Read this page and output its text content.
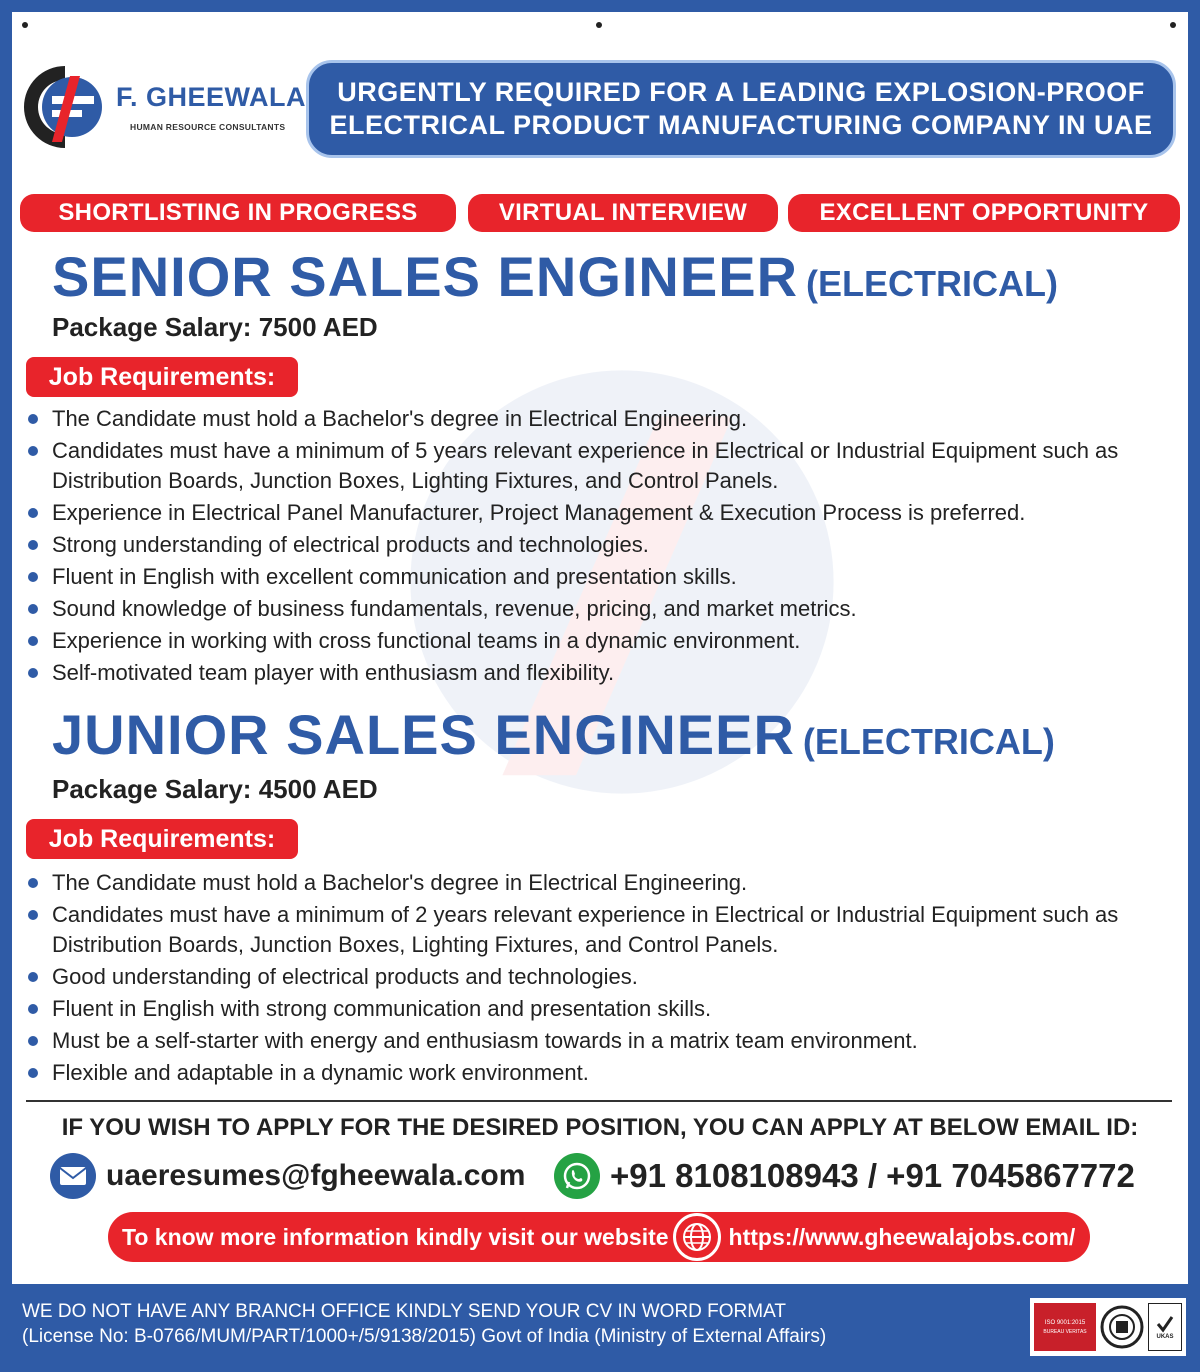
F. GHEEWALA
HUMAN RESOURCE CONSULTANTS
URGENTLY REQUIRED FOR A LEADING EXPLOSION-PROOF
ELECTRICAL PRODUCT MANUFACTURING COMPANY IN UAE
SHORTLISTING IN PROGRESS	VIRTUAL INTERVIEW	EXCELLENT OPPORTUNITY
SENIOR SALES ENGINEER (ELECTRICAL)
Package Salary: 7500 AED
Job Requirements:
The Candidate must hold a Bachelor's degree in Electrical Engineering.
Candidates must have a minimum of 5 years relevant experience in Electrical or Industrial Equipment such as Distribution Boards, Junction Boxes, Lighting Fixtures, and Control Panels.
Experience in Electrical Panel Manufacturer, Project Management & Execution Process is preferred.
Strong understanding of electrical products and technologies.
Fluent in English with excellent communication and presentation skills.
Sound knowledge of business fundamentals, revenue, pricing, and market metrics.
Experience in working with cross functional teams in a dynamic environment.
Self-motivated team player with enthusiasm and flexibility.
JUNIOR SALES ENGINEER (ELECTRICAL)
Package Salary: 4500 AED
Job Requirements:
The Candidate must hold a Bachelor's degree in Electrical Engineering.
Candidates must have a minimum of 2 years relevant experience in Electrical or Industrial Equipment such as Distribution Boards, Junction Boxes, Lighting Fixtures, and Control Panels.
Good understanding of electrical products and technologies.
Fluent in English with strong communication and presentation skills.
Must be a self-starter with energy and enthusiasm towards in a matrix team environment.
Flexible and adaptable in a dynamic work environment.
IF YOU WISH TO APPLY FOR THE DESIRED POSITION, YOU CAN APPLY AT BELOW EMAIL ID:
uaeresumes@fgheewala.com	+91 8108108943 / +91 7045867772
To know more information kindly visit our website	https://www.gheewalajobs.com/
WE DO NOT HAVE ANY BRANCH OFFICE KINDLY SEND YOUR CV IN WORD FORMAT
(License No: B-0766/MUM/PART/1000+/5/9138/2015) Govt of India (Ministry of External Affairs)
ISO 9001:2015
BUREAU VERITAS
UKAS
